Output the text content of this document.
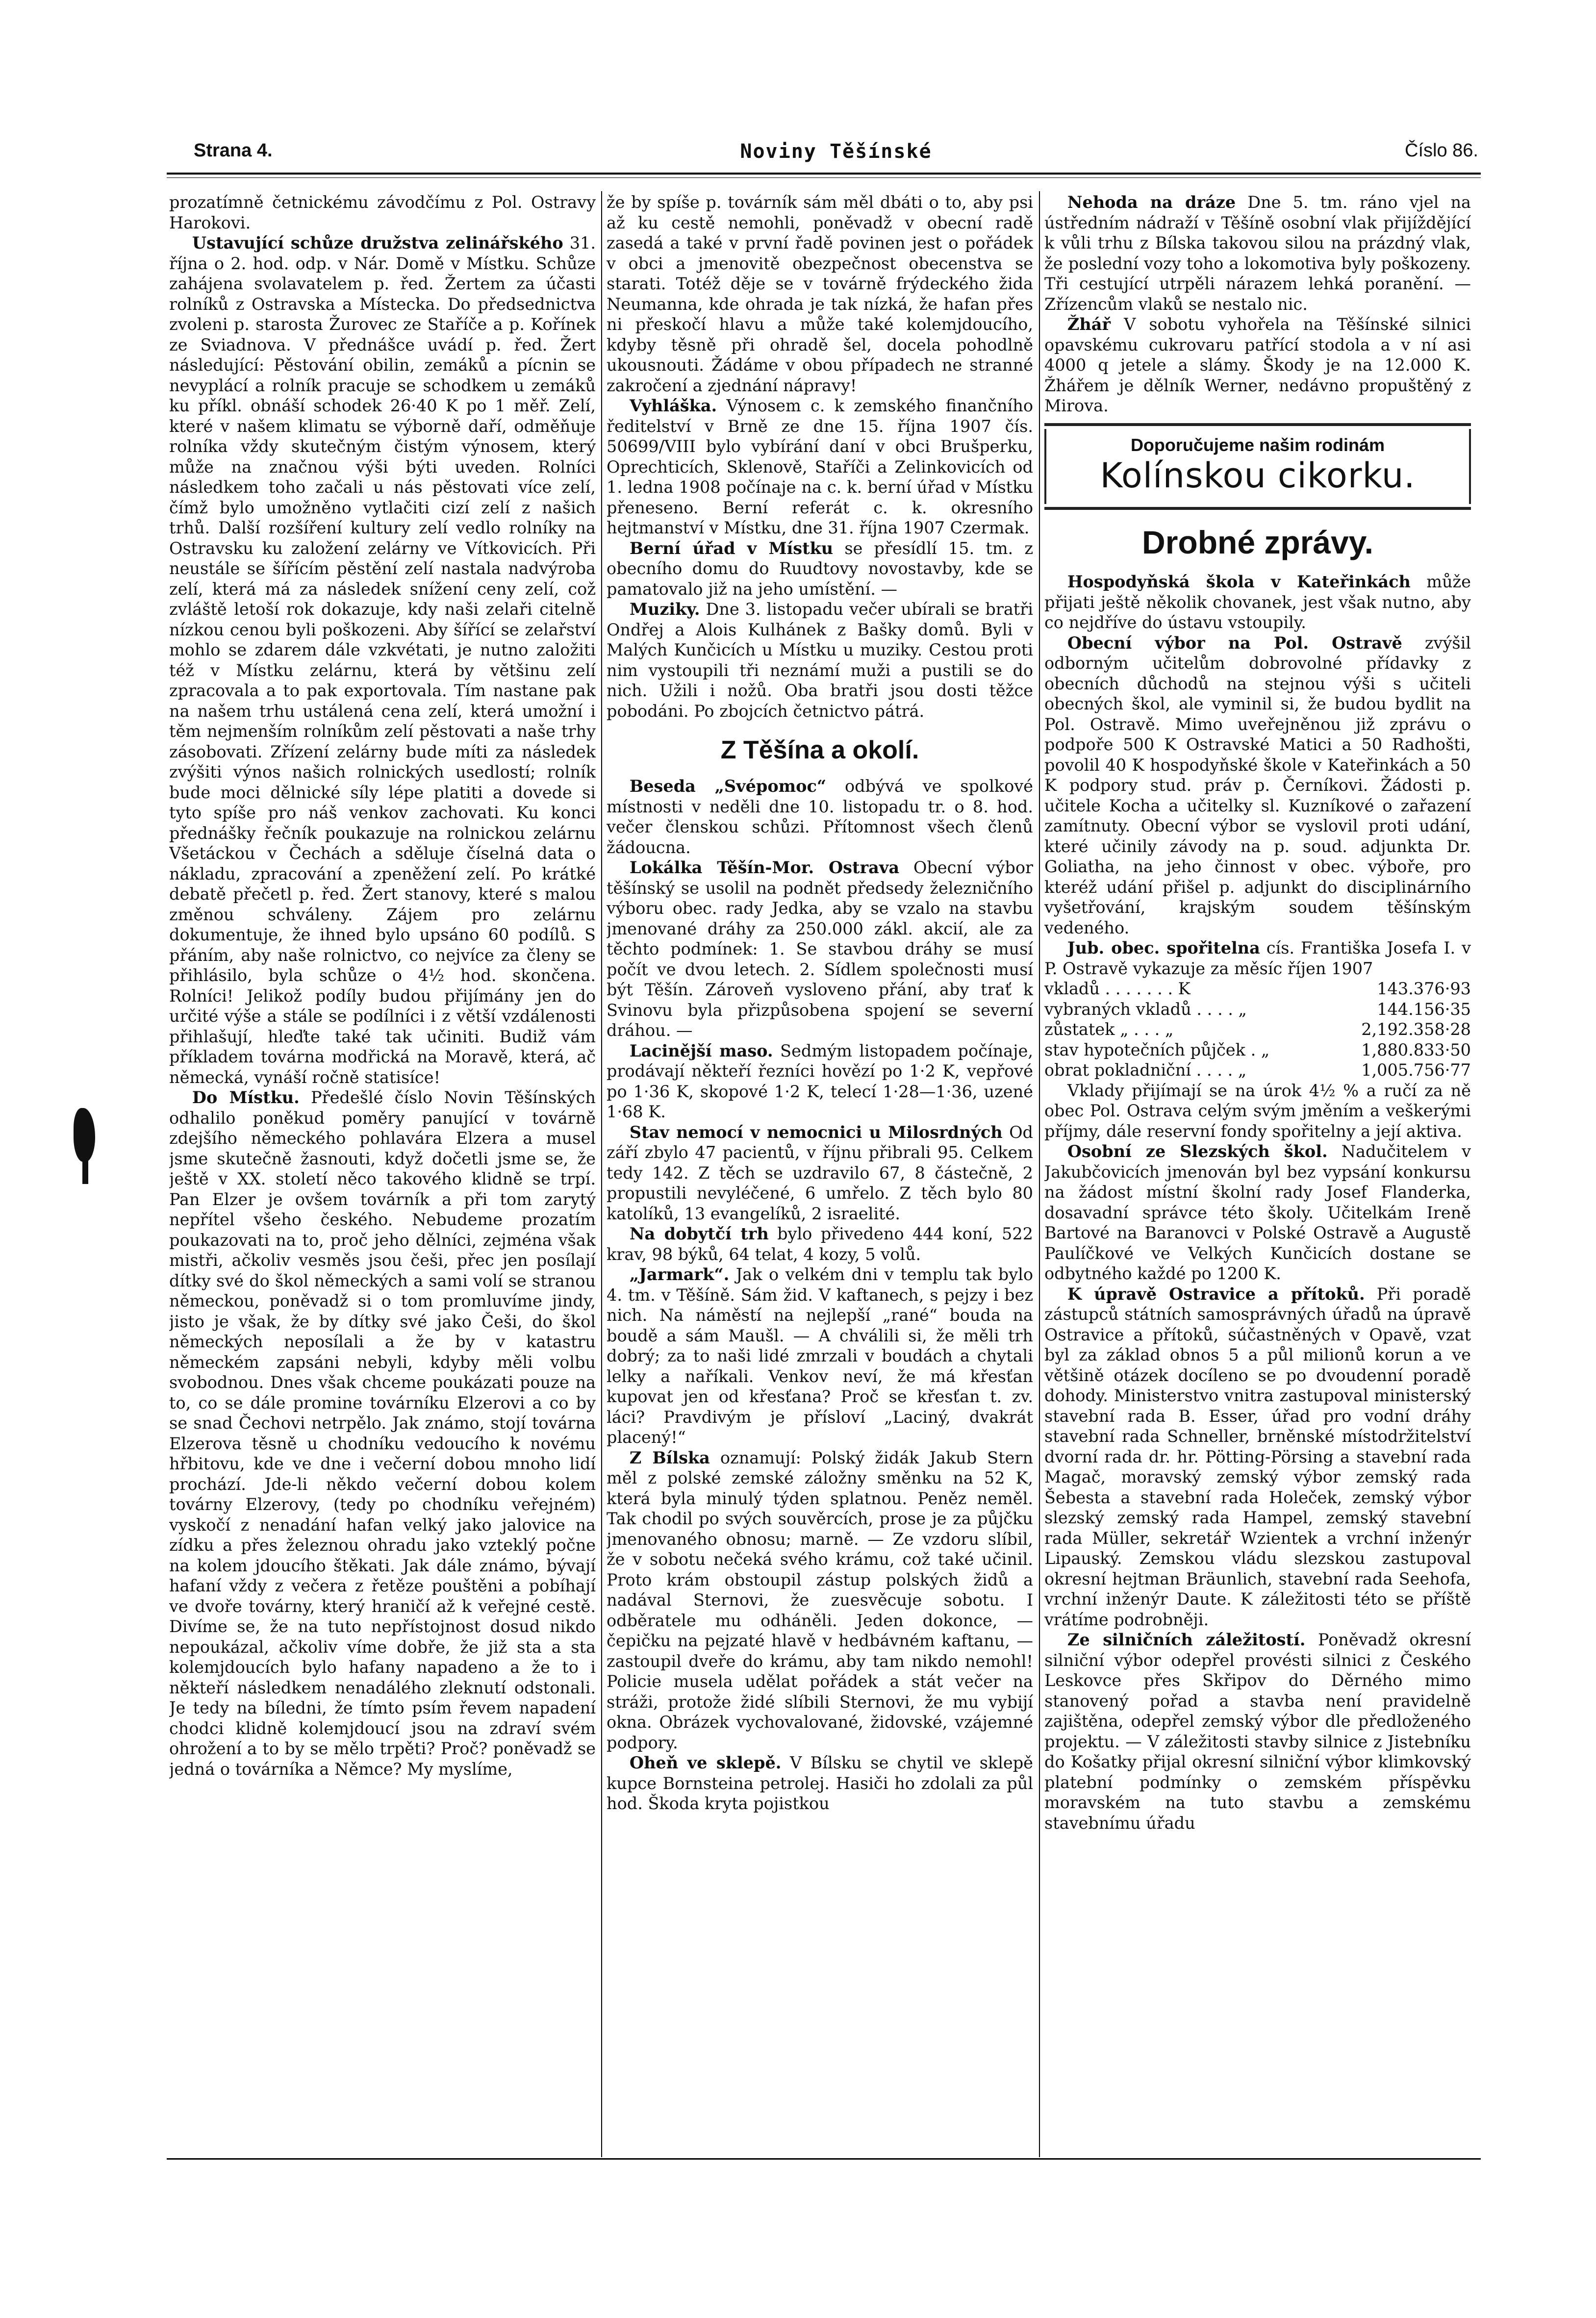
Strana 4.	Noviny Těšínské	Číslo 86.

prozatímně četnickému závodčímu z Pol. Ostravy Harokovi.

Ustavující schůze družstva zelinářského 31. října o 2. hod. odp. v Nár. Domě v Místku. Schůze zahájena svolavatelem p. řed. Žertem za účasti rolníků z Ostravska a Místecka. Do předsednictva zvoleni p. starosta Žurovec ze Staříče a p. Kořínek ze Sviadnova. V přednášce uvádí p. řed. Žert následující: Pěstování obilin, zemáků a pícnin se nevyplácí a rolník pracuje se schodkem u zemáků ku příkl. obnáší schodek 26·40 K po 1 měř. Zelí, které v našem klimatu se výborně daří, odměňuje rolníka vždy skutečným čistým výnosem, který může na značnou výši býti uveden. Rolníci následkem toho začali u nás pěstovati více zelí, čímž bylo umožněno vytlačiti cizí zelí z našich trhů. Další rozšíření kultury zelí vedlo rolníky na Ostravsku ku založení zelárny ve Vítkovicích. Při neustále se šířícím pěstění zelí nastala nadvýroba zelí, která má za následek snížení ceny zelí, což zvláště letoší rok dokazuje, kdy naši zelaři citelně nízkou cenou byli poškozeni. Aby šířící se zelařství mohlo se zdarem dále vzkvétati, je nutno založiti též v Místku zelárnu, která by většinu zelí zpracovala a to pak exportovala. Tím nastane pak na našem trhu ustálená cena zelí, která umožní i těm nejmenším rolníkům zelí pěstovati a naše trhy zásobovati. Zřízení zelárny bude míti za následek zvýšiti výnos našich rolnických usedlostí; rolník bude moci dělnické síly lépe platiti a dovede si tyto spíše pro náš venkov zachovati. Ku konci přednášky řečník poukazuje na rolnickou zelárnu Všetáckou v Čechách a sděluje číselná data o nákladu, zpracování a zpeněžení zelí. Po krátké debatě přečetl p. řed. Žert stanovy, které s malou změnou schváleny. Zájem pro zelárnu dokumentuje, že ihned bylo upsáno 60 podílů. S přáním, aby naše rolnictvo, co nejvíce za členy se přihlásilo, byla schůze o 4½ hod. skončena. Rolníci! Jelikož podíly budou přijímány jen do určité výše a stále se podílníci i z větší vzdálenosti přihlašují, hleďte také tak učiniti. Budiž vám příkladem továrna modřická na Moravě, která, ač německá, vynáší ročně statisíce!

Do Místku. Předešlé číslo Novin Těšínských odhalilo poněkud poměry panující v továrně zdejšího německého pohlavára Elzera a musel jsme skutečně žasnouti, když dočetli jsme se, že ještě v XX. století něco takového klidně se trpí. Pan Elzer je ovšem továrník a při tom zarytý nepřítel všeho českého. Nebudeme prozatím poukazovati na to, proč jeho dělníci, zejména však mistři, ačkoliv vesměs jsou češi, přec jen posílají dítky své do škol německých a sami volí se stranou německou, poněvadž si o tom promluvíme jindy, jisto je však, že by dítky své jako Češi, do škol německých neposílali a že by v katastru německém zapsáni nebyli, kdyby měli volbu svobodnou. Dnes však chceme poukázati pouze na to, co se dále promine továrníku Elzerovi a co by se snad Čechovi netrpělo. Jak známo, stojí továrna Elzerova těsně u chodníku vedoucího k novému hřbitovu, kde ve dne i večerní dobou mnoho lidí prochází. Jde-li někdo večerní dobou kolem továrny Elzerovy, (tedy po chodníku veřejném) vyskočí z nenadání hafan velký jako jalovice na zídku a přes železnou ohradu jako vzteklý počne na kolem jdoucího štěkati. Jak dále známo, bývají hafaní vždy z večera z řetěze pouštěni a pobíhají ve dvoře továrny, který hraničí až k veřejné cestě. Divíme se, že na tuto nepřístojnost dosud nikdo nepoukázal, ačkoliv víme dobře, že již sta a sta kolemjdoucích bylo hafany napadeno a že to i někteří následkem nenadálého zleknutí odstonali. Je tedy na bíledni, že tímto psím řevem napadení chodci klidně kolemjdoucí jsou na zdraví svém ohrožení a to by se mělo trpěti? Proč? poněvadž se jedná o továrníka a Němce? My myslíme,

že by spíše p. továrník sám měl dbáti o to, aby psi až ku cestě nemohli, poněvadž v obecní radě zasedá a také v první řadě povinen jest o pořádek v obci a jmenovitě obezpečnost obecenstva se starati. Totéž děje se v továrně frýdeckého žida Neumanna, kde ohrada je tak nízká, že hafan přes ni přeskočí hlavu a může také kolemjdoucího, kdyby těsně při ohradě šel, docela pohodlně ukousnouti. Žádáme v obou případech ne stranné zakročení a zjednání nápravy!

Vyhláška. Výnosem c. k zemského finančního ředitelství v Brně ze dne 15. října 1907 čís. 50699/VIII bylo vybírání daní v obci Brušperku, Oprechticích, Sklenově, Staříči a Zelinkovicích od 1. ledna 1908 počínaje na c. k. berní úřad v Místku přeneseno. Berní referát c. k. okresního hejtmanství v Místku, dne 31. října 1907 Czermak.

Berní úřad v Místku se přesídlí 15. tm. z obecního domu do Ruudtovy novostavby, kde se pamatovalo již na jeho umístění. —

Muziky. Dne 3. listopadu večer ubírali se bratři Ondřej a Alois Kulhánek z Bašky domů. Byli v Malých Kunčicích u Místku u muziky. Cestou proti nim vystoupili tři neznámí muži a pustili se do nich. Užili i nožů. Oba bratři jsou dosti těžce pobodáni. Po zbojcích četnictvo pátrá.

Z Těšína a okolí.

Beseda „Svépomoc“ odbývá ve spolkové místnosti v neděli dne 10. listopadu tr. o 8. hod. večer členskou schůzi. Přítomnost všech členů žádoucna.

Lokálka Těšín-Mor. Ostrava Obecní výbor těšínský se usolil na podnět předsedy železničního výboru obec. rady Jedka, aby se vzalo na stavbu jmenované dráhy za 250.000 zákl. akcií, ale za těchto podmínek: 1. Se stavbou dráhy se musí počít ve dvou letech. 2. Sídlem společnosti musí být Těšín. Zároveň vysloveno přání, aby trať k Svinovu byla přizpůsobena spojení se severní dráhou. —

Lacinější maso. Sedmým listopadem počínaje, prodávají někteří řezníci hovězí po 1·2 K, vepřové po 1·36 K, skopové 1·2 K, telecí 1·28—1·36, uzené 1·68 K.

Stav nemocí v nemocnici u Milosrdných Od září zbylo 47 pacientů, v říjnu přibrali 95. Celkem tedy 142. Z těch se uzdravilo 67, 8 částečně, 2 propustili nevyléčené, 6 umřelo. Z těch bylo 80 katolíků, 13 evangelíků, 2 israelité.

Na dobytčí trh bylo přivedeno 444 koní, 522 krav, 98 býků, 64 telat, 4 kozy, 5 volů.

„Jarmark“. Jak o velkém dni v templu tak bylo 4. tm. v Těšíně. Sám žid. V kaftanech, s pejzy i bez nich. Na náměstí na nejlepší „rané“ bouda na boudě a sám Maušl. — A chválili si, že měli trh dobrý; za to naši lidé zmrzali v boudách a chytali lelky a naříkali. Venkov neví, že má křesťan kupovat jen od křesťana? Proč se křesťan t. zv. láci? Pravdivým je přísloví „Laciný, dvakrát placený!“

Z Bílska oznamují: Polský židák Jakub Stern měl z polské zemské záložny směnku na 52 K, která byla minulý týden splatnou. Peněz neměl. Tak chodil po svých souvěrcích, prose je za půjčku jmenovaného obnosu; marně. — Ze vzdoru slíbil, že v sobotu nečeká svého krámu, což také učinil. Proto krám obstoupil zástup polských židů a nadával Sternovi, že zuesvěcuje sobotu. I odběratele mu odháněli. Jeden dokonce, — čepičku na pejzaté hlavě v hedbávném kaftanu, — zastoupil dveře do krámu, aby tam nikdo nemohl! Policie musela udělat pořádek a stát večer na stráži, protože židé slíbili Sternovi, že mu vybijí okna. Obrázek vychovalované, židovské, vzájemné podpory.

Oheň ve sklepě. V Bílsku se chytil ve sklepě kupce Bornsteina petrolej. Hasiči ho zdolali za půl hod. Škoda kryta pojistkou

Nehoda na dráze Dne 5. tm. ráno vjel na ústředním nádraží v Těšíně osobní vlak přijíždějící k vůli trhu z Bílska takovou silou na prázdný vlak, že poslední vozy toho a lokomotiva byly poškozeny. Tři cestující utrpěli nárazem lehká poranění. — Zřízencům vlaků se nestalo nic.

Žhář V sobotu vyhořela na Těšínské silnici opavskému cukrovaru patřící stodola a v ní asi 4000 q jetele a slámy. Škody je na 12.000 K. Žhářem je dělník Werner, nedávno propuštěný z Mirova.

Doporučujeme našim rodinám
Kolínskou cikorku.
Drobné zprávy.

Hospodyňská škola v Kateřinkách může přijati ještě několik chovanek, jest však nutno, aby co nejdříve do ústavu vstoupily.

Obecní výbor na Pol. Ostravě zvýšil odborným učitelům dobrovolné přídavky z obecních důchodů na stejnou výši s učiteli obecných škol, ale vyminil si, že budou bydlit na Pol. Ostravě. Mimo uveřejněnou již zprávu o podpoře 500 K Ostravské Matici a 50 Radhošti, povolil 40 K hospodyňské škole v Kateřinkách a 50 K podpory stud. práv p. Černíkovi. Žádosti p. učitele Kocha a učitelky sl. Kuzníkové o zařazení zamítnuty. Obecní výbor se vyslovil proti udání, které učinily závody na p. soud. adjunkta Dr. Goliatha, na jeho činnost v obec. výboře, pro kteréž udání přišel p. adjunkt do disciplinárního vyšetřování, krajským soudem těšínským vedeného.

Jub. obec. spořitelna cís. Františka Josefa I. v P. Ostravě vykazuje za měsíc říjen 1907

vkladů . . . . . . . K	143.376·93
vybraných vkladů . . . . „	144.156·35
zůstatek „ . . . „	2,192.358·28
stav hypotečních půjček . „	1,880.833·50
obrat pokladniční . . . . „	1,005.756·77

Vklady přijímají se na úrok 4½ % a ručí za ně obec Pol. Ostrava celým svým jměním a veškerými příjmy, dále reservní fondy spořitelny a její aktiva.

Osobní ze Slezských škol. Nadučitelem v Jakubčovicích jmenován byl bez vypsání konkursu na žádost místní školní rady Josef Flanderka, dosavadní správce této školy. Učitelkám Ireně Bartové na Baranovci v Polské Ostravě a Augustě Paulíčkové ve Velkých Kunčicích dostane se odbytného každé po 1200 K.

K úpravě Ostravice a přítoků. Při poradě zástupců státních samosprávných úřadů na úpravě Ostravice a přítoků, súčastněných v Opavě, vzat byl za základ obnos 5 a půl milionů korun a ve většině otázek docíleno se po dvoudenní poradě dohody. Ministerstvo vnitra zastupoval ministerský stavební rada B. Esser, úřad pro vodní dráhy stavební rada Schneller, brněnské místodržitelství dvorní rada dr. hr. Pötting-Pörsing a stavební rada Magač, moravský zemský výbor zemský rada Šebesta a stavební rada Holeček, zemský výbor slezský zemský rada Hampel, zemský stavební rada Müller, sekretář Wzientek a vrchní inženýr Lipauský. Zemskou vládu slezskou zastupoval okresní hejtman Bräunlich, stavební rada Seehofa, vrchní inženýr Daute. K záležitosti této se příště vrátíme podrobněji.

Ze silničních záležitostí. Poněvadž okresní silniční výbor odepřel provésti silnici z Českého Leskovce přes Skřipov do Děrného mimo stanovený pořad a stavba není pravidelně zajištěna, odepřel zemský výbor dle předloženého projektu. — V záležitosti stavby silnice z Jistebníku do Košatky přijal okresní silniční výbor klimkovský platební podmínky o zemském příspěvku moravském na tuto stavbu a zemskému stavebnímu úřadu
